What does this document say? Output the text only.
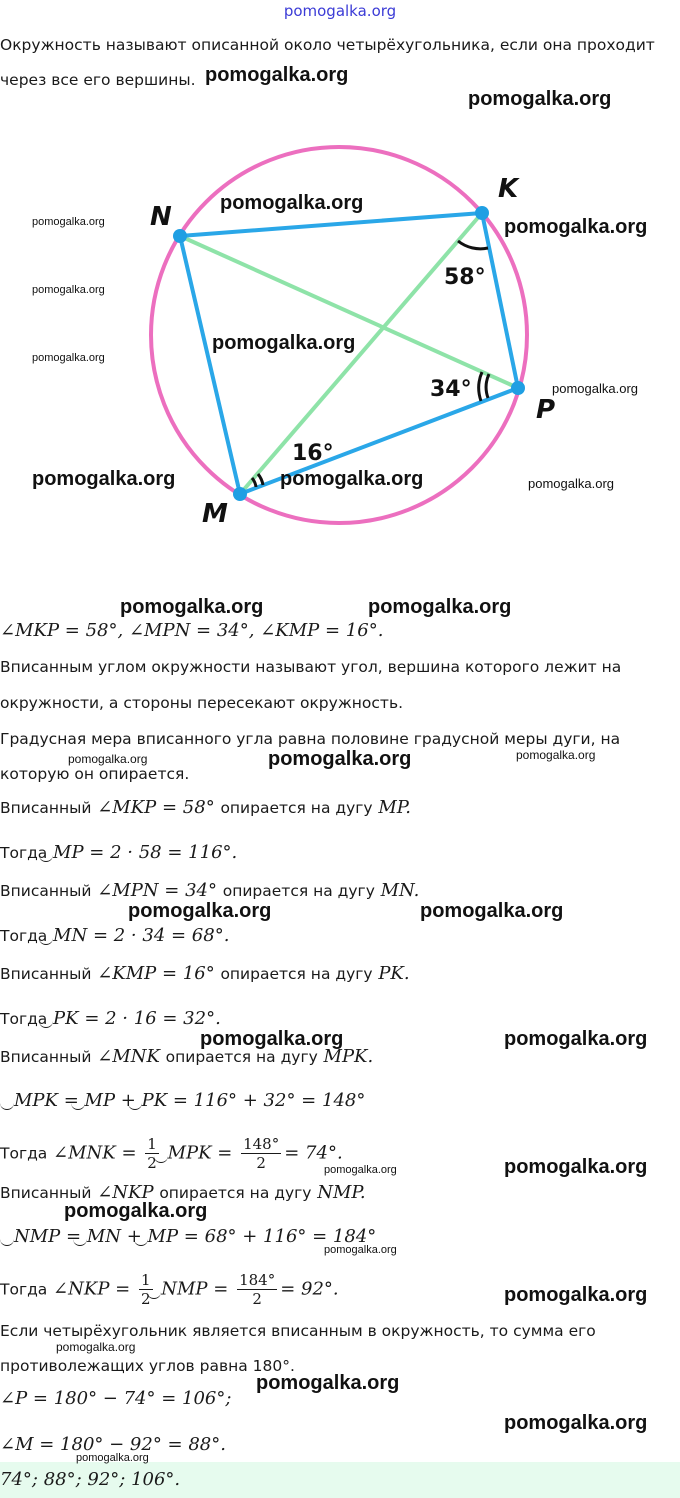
pomogalka.org
Окружность называют описанной около четырёхугольника, если она проходит
через все его вершины.
N
K
P
M
58°
34°
16°
∠MKP = 58°, ∠MPN = 34°, ∠KMP = 16°.
Вписанным углом окружности называют угол, вершина которого лежит на
окружности, а стороны пересекают окружность.
Градусная мера вписанного угла равна половине градусной меры дуги, на
которую он опирается.
Вписанный ∠MKP = 58° опирается на дугу MP.
Тогда MP = 2 · 58 = 116°.
Вписанный ∠MPN = 34° опирается на дугу MN.
Тогда MN = 2 · 34 = 68°.
Вписанный ∠KMP = 16° опирается на дугу PK.
Тогда PK = 2 · 16 = 32°.
Вписанный ∠MNK опирается на дугу MPK.
MPK = MP + PK = 116° + 32° = 148°
Тогда ∠MNK = $\frac{1}{2}$ MPK = $\frac{148^\circ}{2} = 74^\circ$.
Вписанный ∠NKP опирается на дугу NMP.
NMP = MN + MP = 68° + 116° = 184°
Тогда ∠NKP = $\frac{1}{2}$ NMP = $\frac{184^\circ}{2} = 92^\circ$.
Если четырёхугольник является вписанным в окружность, то сумма его
противолежащих углов равна 180°.
∠P = 180° − 74° = 106°;
∠M = 180° − 92° = 88°.
74°; 88°; 92°; 106°.
pomogalka.org
pomogalka.org
pomogalka.org
pomogalka.org
pomogalka.org
pomogalka.org
pomogalka.org
pomogalka.org
pomogalka.org
pomogalka.org	pomogalka.org	pomogalka.org
pomogalka.org	pomogalka.org
pomogalka.org	pomogalka.org	pomogalka.org
pomogalka.org	pomogalka.org
pomogalka.org	pomogalka.org
pomogalka.org	pomogalka.org
pomogalka.org
pomogalka.org
pomogalka.org
pomogalka.org
pomogalka.org
pomogalka.org
pomogalka.org
